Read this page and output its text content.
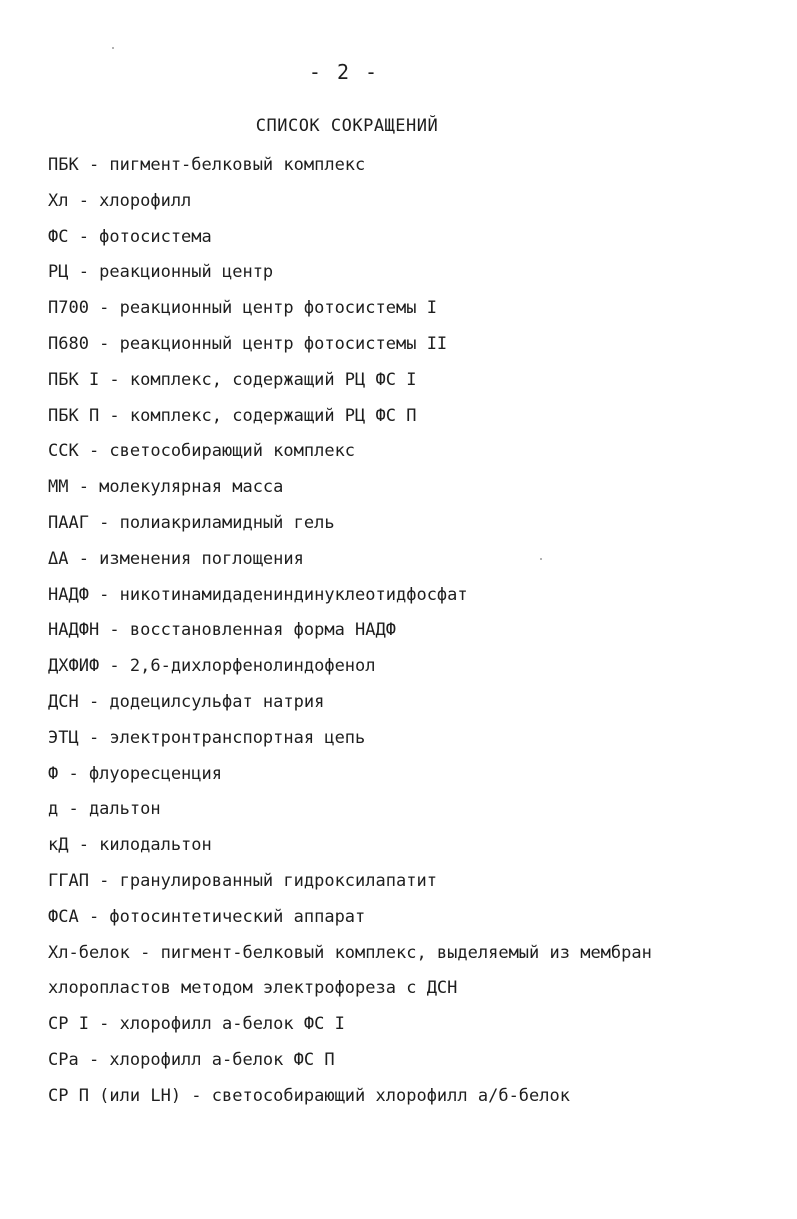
- 2 -
СПИСОК СОКРАЩЕНИЙ
ПБК - пигмент-белковый комплекс
Хл - хлорофилл
ФС - фотосистема
РЦ - реакционный центр
П700 - реакционный центр фотосистемы I
П680 - реакционный центр фотосистемы II
ПБК I - комплекс, содержащий РЦ ФС I
ПБК П - комплекс, содержащий РЦ ФС П
ССК - светособирающий комплекс
ММ - молекулярная масса
ПААГ - полиакриламидный гель
ΔА - изменения поглощения
НАДФ - никотинамидадениндинуклеотидфосфат
НАДФН - восстановленная форма НАДФ
ДХФИФ - 2,6-дихлорфенолиндофенол
ДСН - додецилсульфат натрия
ЭТЦ - электронтранспортная цепь
Ф - флуоресценция
д - дальтон
кД - килодальтон
ГГАП - гранулированный гидроксилапатит
ФСА - фотосинтетический аппарат
Хл-белок - пигмент-белковый комплекс, выделяемый из мембран
хлоропластов методом электрофореза с ДСН
СР I - хлорофилл а-белок ФС I
СРа - хлорофилл а-белок ФС П
СР П (или LH) - светособирающий хлорофилл а/б-белок
